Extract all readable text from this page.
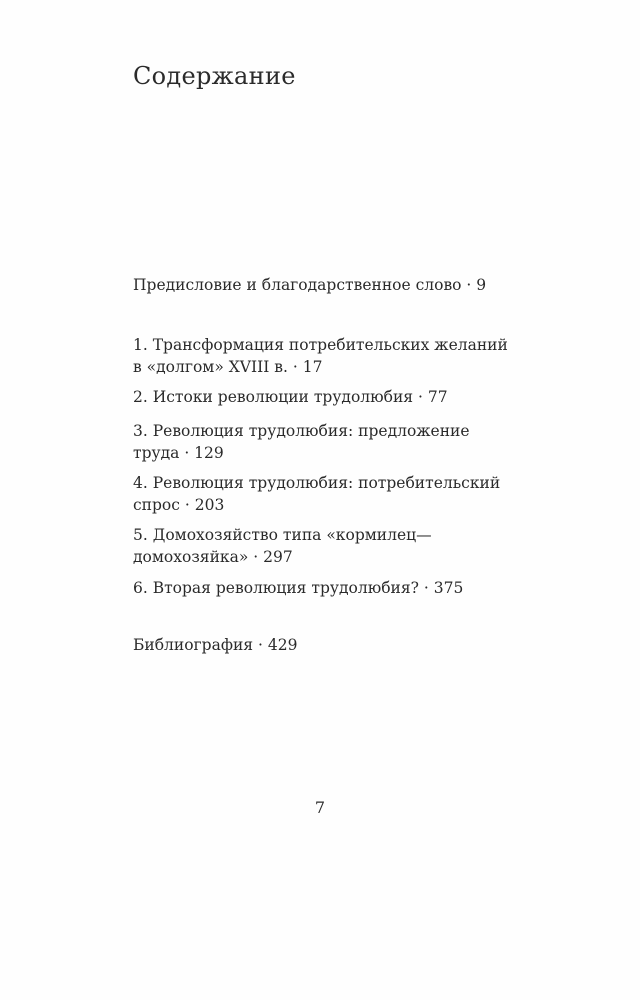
Содержание
Предисловие и благодарственное слово · 9
1. Трансформация потребительских желаний
в «долгом» XVIII в. · 17
2. Истоки революции трудолюбия · 77
3. Революция трудолюбия: предложение
труда · 129
4. Революция трудолюбия: потребительский
спрос · 203
5. Домохозяйство типа «кормилец—
домохозяйка» · 297
6. Вторая революция трудолюбия? · 375
Библиография · 429
7
